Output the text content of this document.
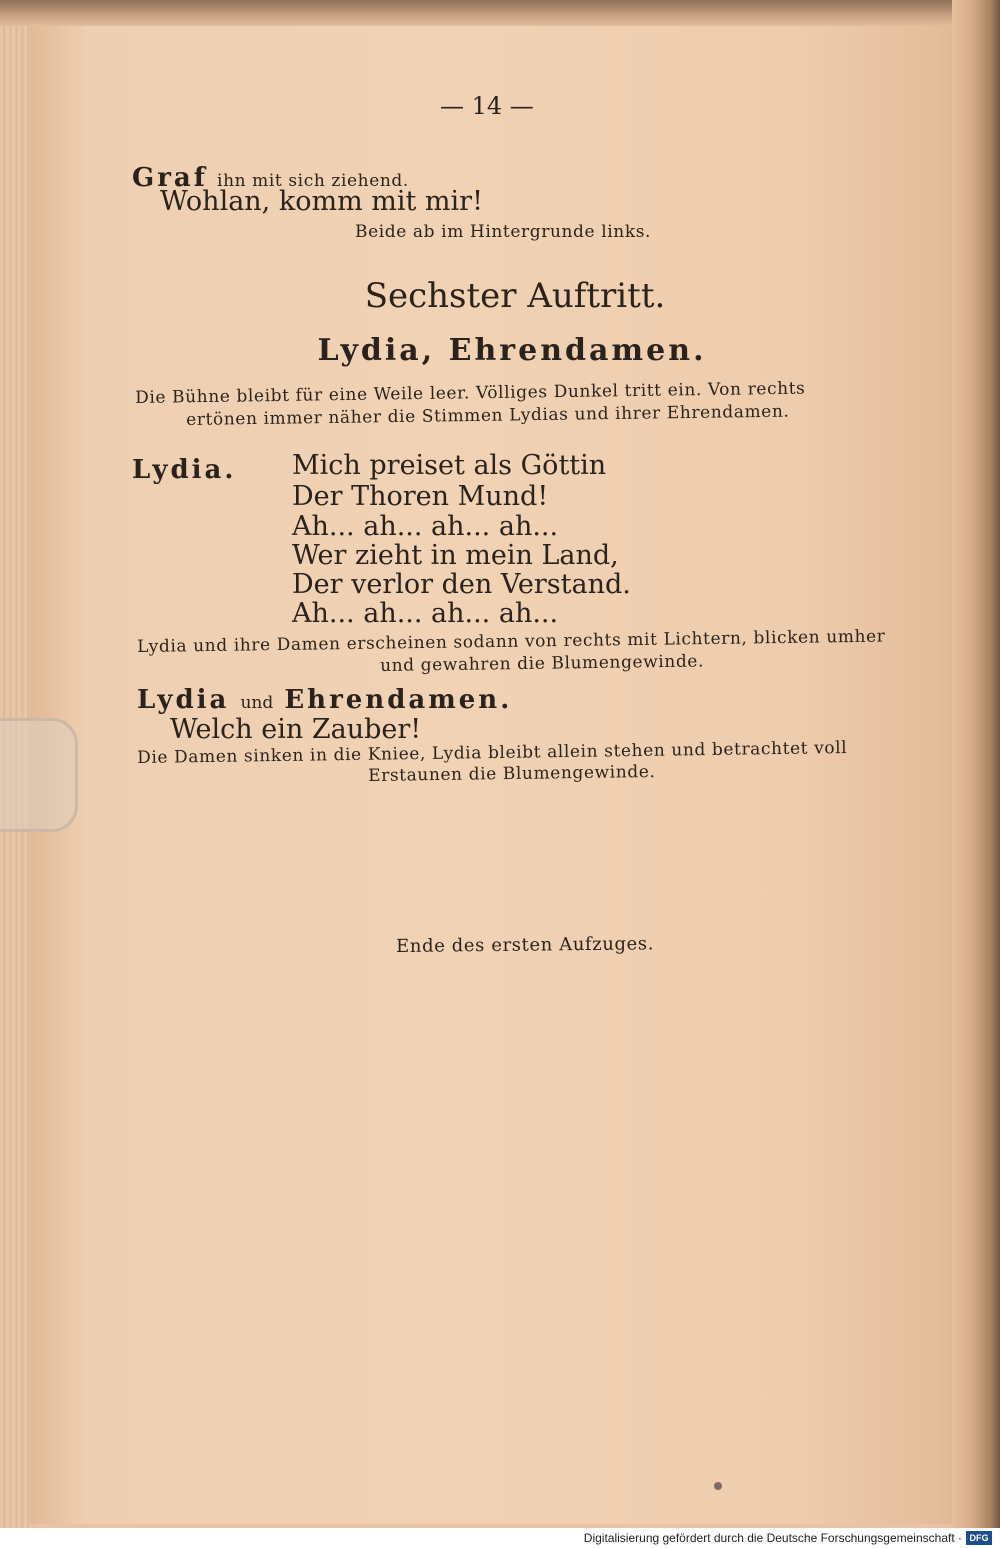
— 14 —
Graf ihn mit sich ziehend.
Wohlan, komm mit mir!
Beide ab im Hintergrunde links.
Sechster Auftritt.
Lydia, Ehrendamen.
Die Bühne bleibt für eine Weile leer. Völliges Dunkel tritt ein. Von rechts
ertönen immer näher die Stimmen Lydias und ihrer Ehrendamen.
Lydia. Mich preiset als Göttin
Der Thoren Mund!
Ah... ah... ah... ah...
Wer zieht in mein Land,
Der verlor den Verstand.
Ah... ah... ah... ah...
Lydia und ihre Damen erscheinen sodann von rechts mit Lichtern, blicken umher
und gewahren die Blumengewinde.
Lydia und Ehrendamen.
Welch ein Zauber!
Die Damen sinken in die Kniee, Lydia bleibt allein stehen und betrachtet voll
Erstaunen die Blumengewinde.
Ende des ersten Aufzuges.
Digitalisierung gefördert durch die Deutsche Forschungsgemeinschaft · DFG
